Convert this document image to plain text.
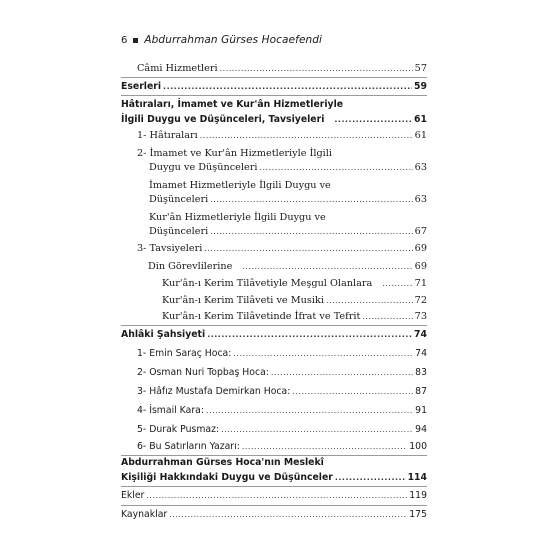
6 Abdurrahman Gürses Hocaefendi
Câmi Hizmetleri .....	57
Eserleri .....	59
Hâtıraları, İmamet ve Kur'ân Hizmetleriyle
İlgili Duygu ve Düşünceleri, Tavsiyeleri .....	61
1- Hâtıraları .....	61
2- İmamet ve Kur'ân Hizmetleriyle İlgili
Duygu ve Düşünceleri .....	63
İmamet Hizmetleriyle İlgili Duygu ve
Düşünceleri .....	63
Kur'ân Hizmetleriyle İlgili Duygu ve
Düşünceleri .....	67
3- Tavsiyeleri .....	69
Din Görevlilerine .....	69
Kur'ân-ı Kerim Tilâvetiyle Meşgul Olanlara .....	71
Kur'ân-ı Kerim Tilâveti ve Musiki .....	72
Kur'ân-ı Kerim Tilâvetinde İfrat ve Tefrit .....	73
Ahlâki Şahsiyeti .....	74
1- Emin Saraç Hoca: .....	74
2- Osman Nuri Topbaş Hoca: .....	83
3- Hâfız Mustafa Demirkan Hoca: .....	87
4- İsmail Kara: .....	91
5- Durak Pusmaz: .....	94
6- Bu Satırların Yazarı: .....	100
Abdurrahman Gürses Hoca'nın Meslekî
Kişiliği Hakkındaki Duygu ve Düşünceler .....	114
Ekler .....	119
Kaynaklar .....	175
